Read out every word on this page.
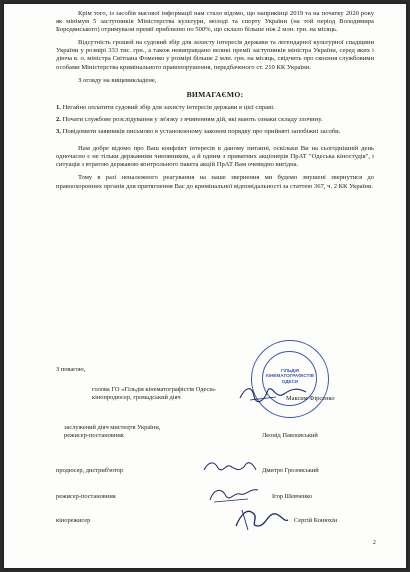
Крім того, із засобів масової інформації нам стало відомо, що наприкінці 2019 та на початку 2020 року як мінімум 5 заступників Міністерства культури, молоді та спорту України (на той період Володимира Бородянського) отримували премії приблизно по 500%, що склало більше ніж 2 млн. грн. на місяць.

Відсутність грошей на судовий збір для захисту інтересів держави та легендарної культурної спадщини України у розмірі 333 тис. грн., а також невиправдано великі премії заступників міністра України, серед яких і діюча в. о. міністра Світлана Фоменко у розмірі більше 2 млн. грн. на місяць, свідчить про скоєння службовими особами Міністерства кримінального правопорушення, передбаченого ст. 210 КК України.

З огляду на вищевикладене,

ВИМАГАЄМО:

1. Негайно оплатити судовий збір для захисту інтересів держави в цієї справі.

2. Почати службове розслідування у зв'язку з вчиненням дій, які мають ознаки складу злочину.

3. Повідомити заявників письмово в установленому законом порядку про прийняті запобіжні засоби.

Нам добре відомо про Ваш конфлікт інтересів в даному питанні, оскільки Ви на сьогоднішній день одночасно є не тільки державним чиновником, а й одним з приватних акціонерів ПрАТ "Одеська кіностудія", і ситуація з втратою державою контрольного пакета акцій ПрАТ Вам очевидно вигідна.

Тому в разі неналежного реагування на наше звернення ми будемо змушені звернутися до правоохоронних органів для притягнення Вас до кримінальної відповідальності за статтею 367, ч. 2 КК України.

ГІЛЬДІЯ КІНЕМАТОГРАФІСТІВ ОДЕСИ
З повагою,
голова ГО «Гільдія кінематографістів Одеси»
кінопродюсер, громадський діяч	Максим Фірсенко
заслужений діяч мистецтв України,
режисер-постановник	Леонід Павловський
продюсер, дистриб'ютор	Дмитро Грозовський
режисер-постановник	Ігор Шевченко
кінорежисер	Сергій Конюхін
2
